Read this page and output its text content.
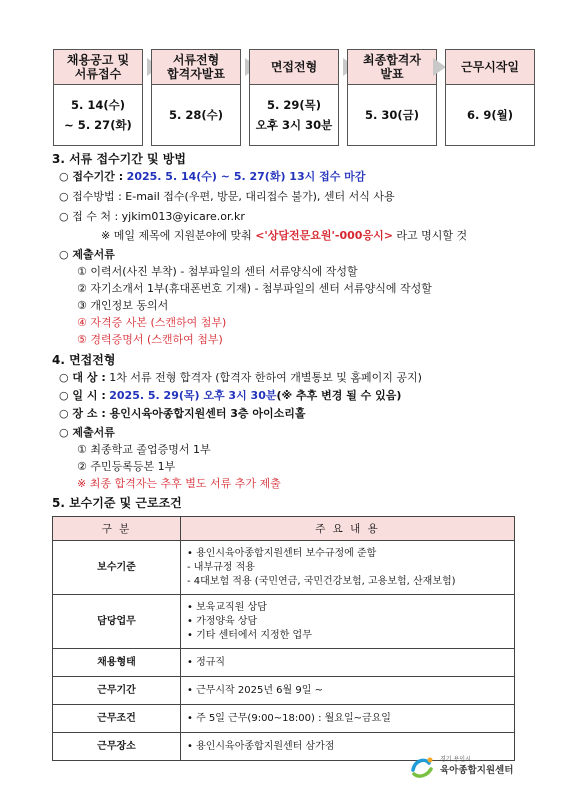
채용공고 및
서류접수
5. 14(수)
~ 5. 27(화)
서류전형
합격자발표
5. 28(수)
면접전형
5. 29(목)
오후 3시 30분
최종합격자
발표
5. 30(금)
근무시작일
6. 9(월)
3. 서류 접수기간 및 방법
○ 접수기간 : 2025. 5. 14(수) ~ 5. 27(화) 13시 접수 마감
○ 접수방법 : E-mail 접수(우편, 방문, 대리접수 불가), 센터 서식 사용
○ 접 수 처 : yjkim013@yicare.or.kr
※ 메일 제목에 지원분야에 맞춰 <'상담전문요원'-000응시> 라고 명시할 것
○ 제출서류
① 이력서(사진 부착) - 첨부파일의 센터 서류양식에 작성할
② 자기소개서 1부(휴대폰번호 기재) - 첨부파일의 센터 서류양식에 작성할
③ 개인정보 동의서
④ 자격증 사본 (스캔하여 첨부)
⑤ 경력증명서 (스캔하여 첨부)
4. 면접전형
○ 대 상 : 1차 서류 전형 합격자 (합격자 한하여 개별통보 및 홈페이지 공지)
○ 일 시 : 2025. 5. 29(목) 오후 3시 30분(※ 추후 변경 될 수 있음)
○ 장 소 : 용인시육아종합지원센터 3층 아이소리홀
○ 제출서류
① 최종학교 졸업증명서 1부
② 주민등록등본 1부
※ 최종 합격자는 추후 별도 서류 추가 제출
5. 보수기준 및 근로조건
구 분	주 요 내 용
보수기준	• 용인시육아종합지원센터 보수규정에 준함
- 내부규정 적용
- 4대보험 적용 (국민연금, 국민건강보험, 고용보험, 산재보험)

담당업무	• 보육교직원 상담
• 가정양육 상담
• 기타 센터에서 지정한 업무

채용형태	• 정규직
근무기간	• 근무시작 2025년 6월 9일 ~
근무조건	• 주 5일 근무(9:00~18:00) : 월요일~금요일
근무장소	• 용인시육아종합지원센터 삼가점
경기 용인시
육아종합지원센터
